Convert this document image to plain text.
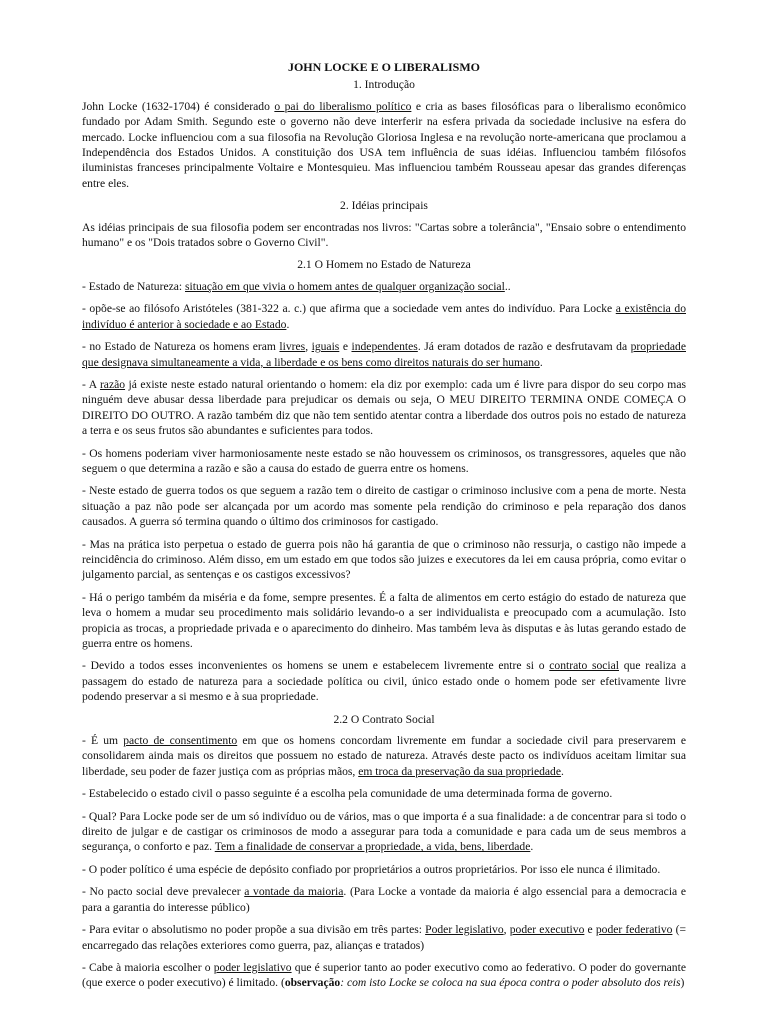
JOHN LOCKE E O LIBERALISMO
1. Introdução

John Locke (1632-1704) é considerado o pai do liberalismo político e cria as bases filosóficas para o liberalismo econômico fundado por Adam Smith. Segundo este o governo não deve interferir na esfera privada da sociedade inclusive na esfera do mercado. Locke influenciou com a sua filosofia na Revolução Gloriosa Inglesa e na revolução norte-americana que proclamou a Independência dos Estados Unidos. A constituição dos USA tem influência de suas idéias. Influenciou também filósofos iluministas franceses principalmente Voltaire e Montesquieu. Mas influenciou também Rousseau apesar das grandes diferenças entre eles.

2. Idéias principais

As idéias principais de sua filosofia podem ser encontradas nos livros: "Cartas sobre a tolerância", "Ensaio sobre o entendimento humano" e os "Dois tratados sobre o Governo Civil".

2.1 O Homem no Estado de Natureza

- Estado de Natureza: situação em que vivia o homem antes de qualquer organização social..

- opõe-se ao filósofo Aristóteles (381-322 a. c.) que afirma que a sociedade vem antes do indivíduo. Para Locke a existência do indivíduo é anterior à sociedade e ao Estado.

- no Estado de Natureza os homens eram livres, iguais e independentes. Já eram dotados de razão e desfrutavam da propriedade que designava simultaneamente a vida, a liberdade e os bens como direitos naturais do ser humano.

- A razão já existe neste estado natural orientando o homem: ela diz por exemplo: cada um é livre para dispor do seu corpo mas ninguém deve abusar dessa liberdade para prejudicar os demais ou seja, O MEU DIREITO TERMINA ONDE COMEÇA O DIREITO DO OUTRO. A razão também diz que não tem sentido atentar contra a liberdade dos outros pois no estado de natureza a terra e os seus frutos são abundantes e suficientes para todos.

- Os homens poderiam viver harmoniosamente neste estado se não houvessem os criminosos, os transgressores, aqueles que não seguem o que determina a razão e são a causa do estado de guerra entre os homens.

- Neste estado de guerra todos os que seguem a razão tem o direito de castigar o criminoso inclusive com a pena de morte. Nesta situação a paz não pode ser alcançada por um acordo mas somente pela rendição do criminoso e pela reparação dos danos causados. A guerra só termina quando o último dos criminosos for castigado.

- Mas na prática isto perpetua o estado de guerra pois não há garantia de que o criminoso não ressurja, o castigo não impede a reincidência do criminoso. Além disso, em um estado em que todos são juizes e executores da lei em causa própria, como evitar o julgamento parcial, as sentenças e os castigos excessivos?

- Há o perigo também da miséria e da fome, sempre presentes. É a falta de alimentos em certo estágio do estado de natureza que leva o homem a mudar seu procedimento mais solidário levando-o a ser individualista e preocupado com a acumulação. Isto propicia as trocas, a propriedade privada e o aparecimento do dinheiro. Mas também leva às disputas e às lutas gerando estado de guerra entre os homens.

- Devido a todos esses inconvenientes os homens se unem e estabelecem livremente entre si o contrato social que realiza a passagem do estado de natureza para a sociedade política ou civil, único estado onde o homem pode ser efetivamente livre podendo preservar a si mesmo e à sua propriedade.

2.2 O Contrato Social

- É um pacto de consentimento em que os homens concordam livremente em fundar a sociedade civil para preservarem e consolidarem ainda mais os direitos que possuem no estado de natureza. Através deste pacto os indivíduos aceitam limitar sua liberdade, seu poder de fazer justiça com as próprias mãos, em troca da preservação da sua propriedade.

- Estabelecido o estado civil o passo seguinte é a escolha pela comunidade de uma determinada forma de governo.

- Qual? Para Locke pode ser de um só indivíduo ou de vários, mas o que importa é a sua finalidade: a de concentrar para si todo o direito de julgar e de castigar os criminosos de modo a assegurar para toda a comunidade e para cada um de seus membros a segurança, o conforto e paz. Tem a finalidade de conservar a propriedade, a vida, bens, liberdade.

- O poder político é uma espécie de depósito confiado por proprietários a outros proprietários. Por isso ele nunca é ilimitado.

- No pacto social deve prevalecer a vontade da maioria. (Para Locke a vontade da maioria é algo essencial para a democracia e para a garantia do interesse público)

- Para evitar o absolutismo no poder propõe a sua divisão em três partes: Poder legislativo, poder executivo e poder federativo (= encarregado das relações exteriores como guerra, paz, alianças e tratados)

- Cabe à maioria escolher o poder legislativo que é superior tanto ao poder executivo como ao federativo. O poder do governante (que exerce o poder executivo) é limitado. (observação: com isto Locke se coloca na sua época contra o poder absoluto dos reis)
